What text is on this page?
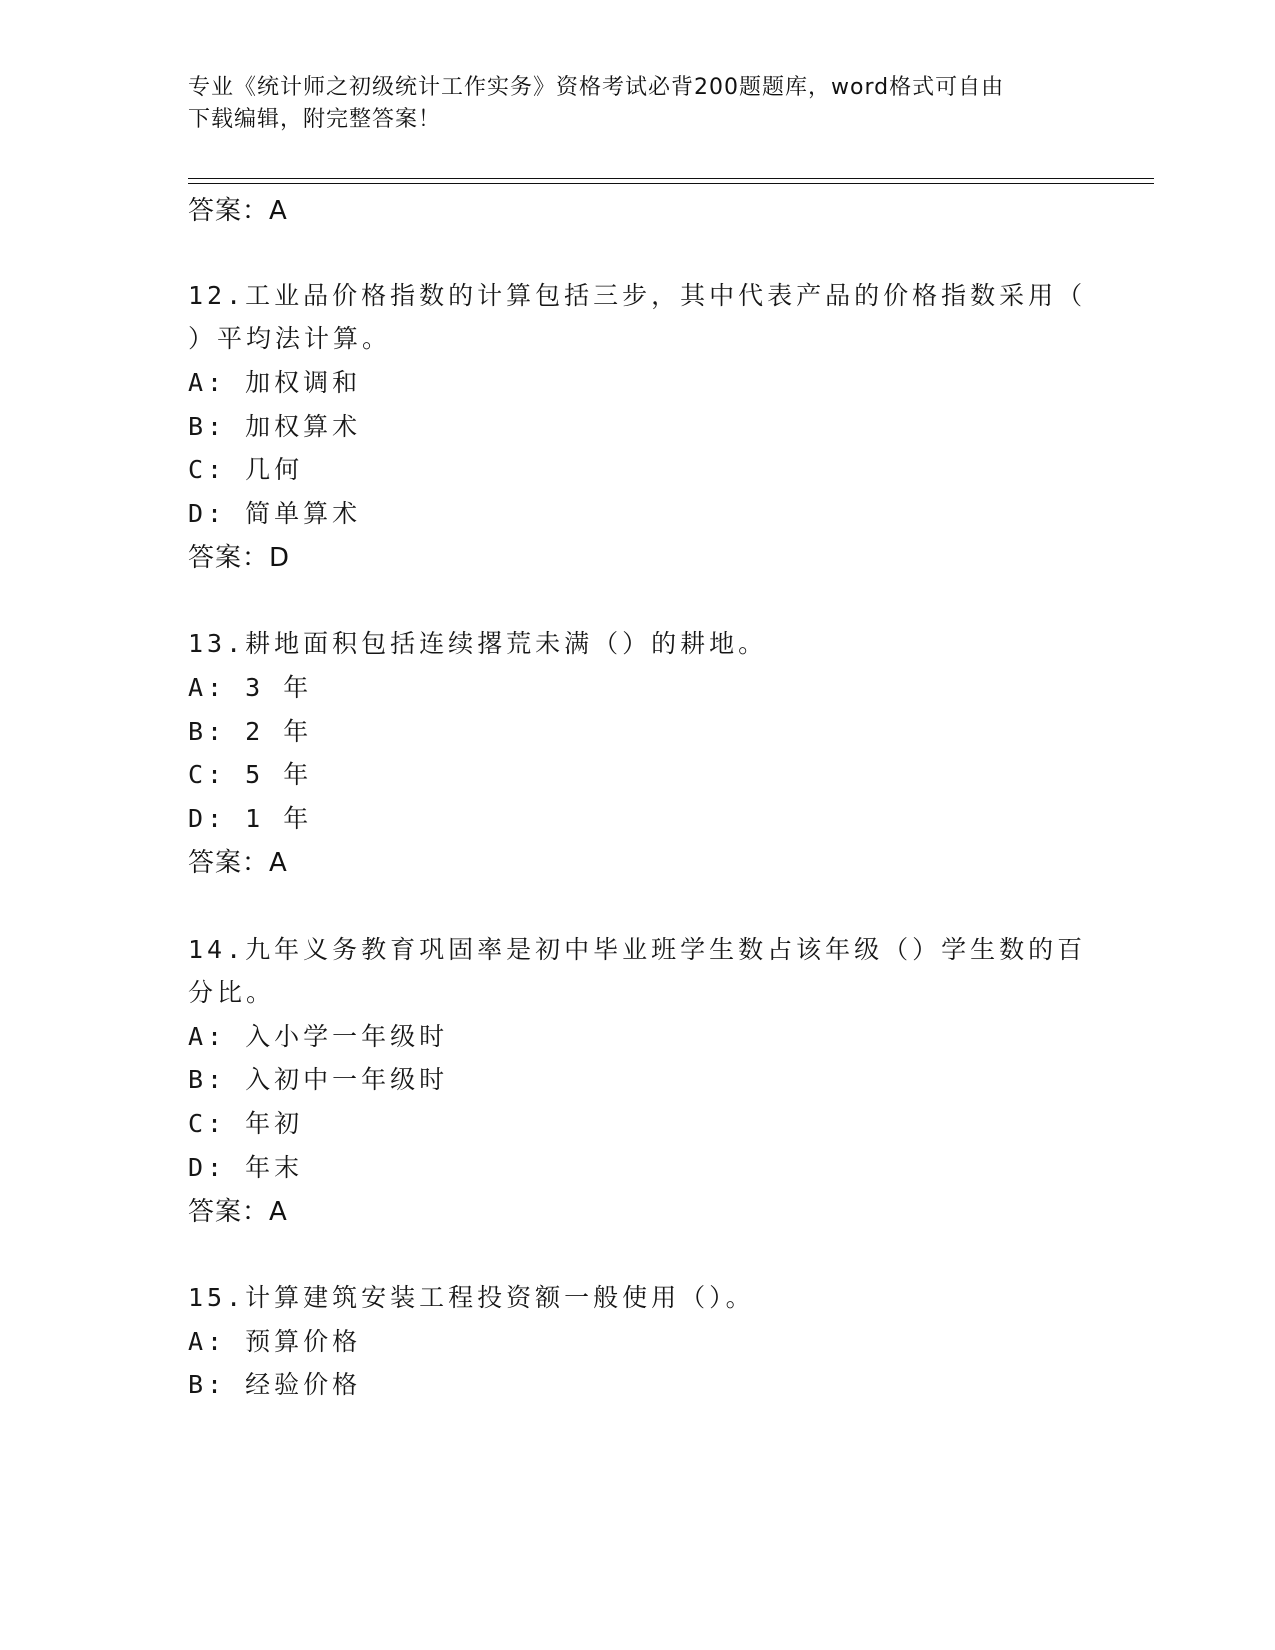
专业《统计师之初级统计工作实务》资格考试必背200题题库，word格式可自由
下载编辑，附完整答案！
答案：A
12.工业品价格指数的计算包括三步，其中代表产品的价格指数采用（
）平均法计算。
A: 加权调和
B: 加权算术
C: 几何
D: 简单算术
答案：D
13.耕地面积包括连续撂荒未满（）的耕地。
A: 3 年
B: 2 年
C: 5 年
D: 1 年
答案：A
14.九年义务教育巩固率是初中毕业班学生数占该年级（）学生数的百
分比。
A: 入小学一年级时
B: 入初中一年级时
C: 年初
D: 年末
答案：A
15.计算建筑安装工程投资额一般使用（）。
A: 预算价格
B: 经验价格
